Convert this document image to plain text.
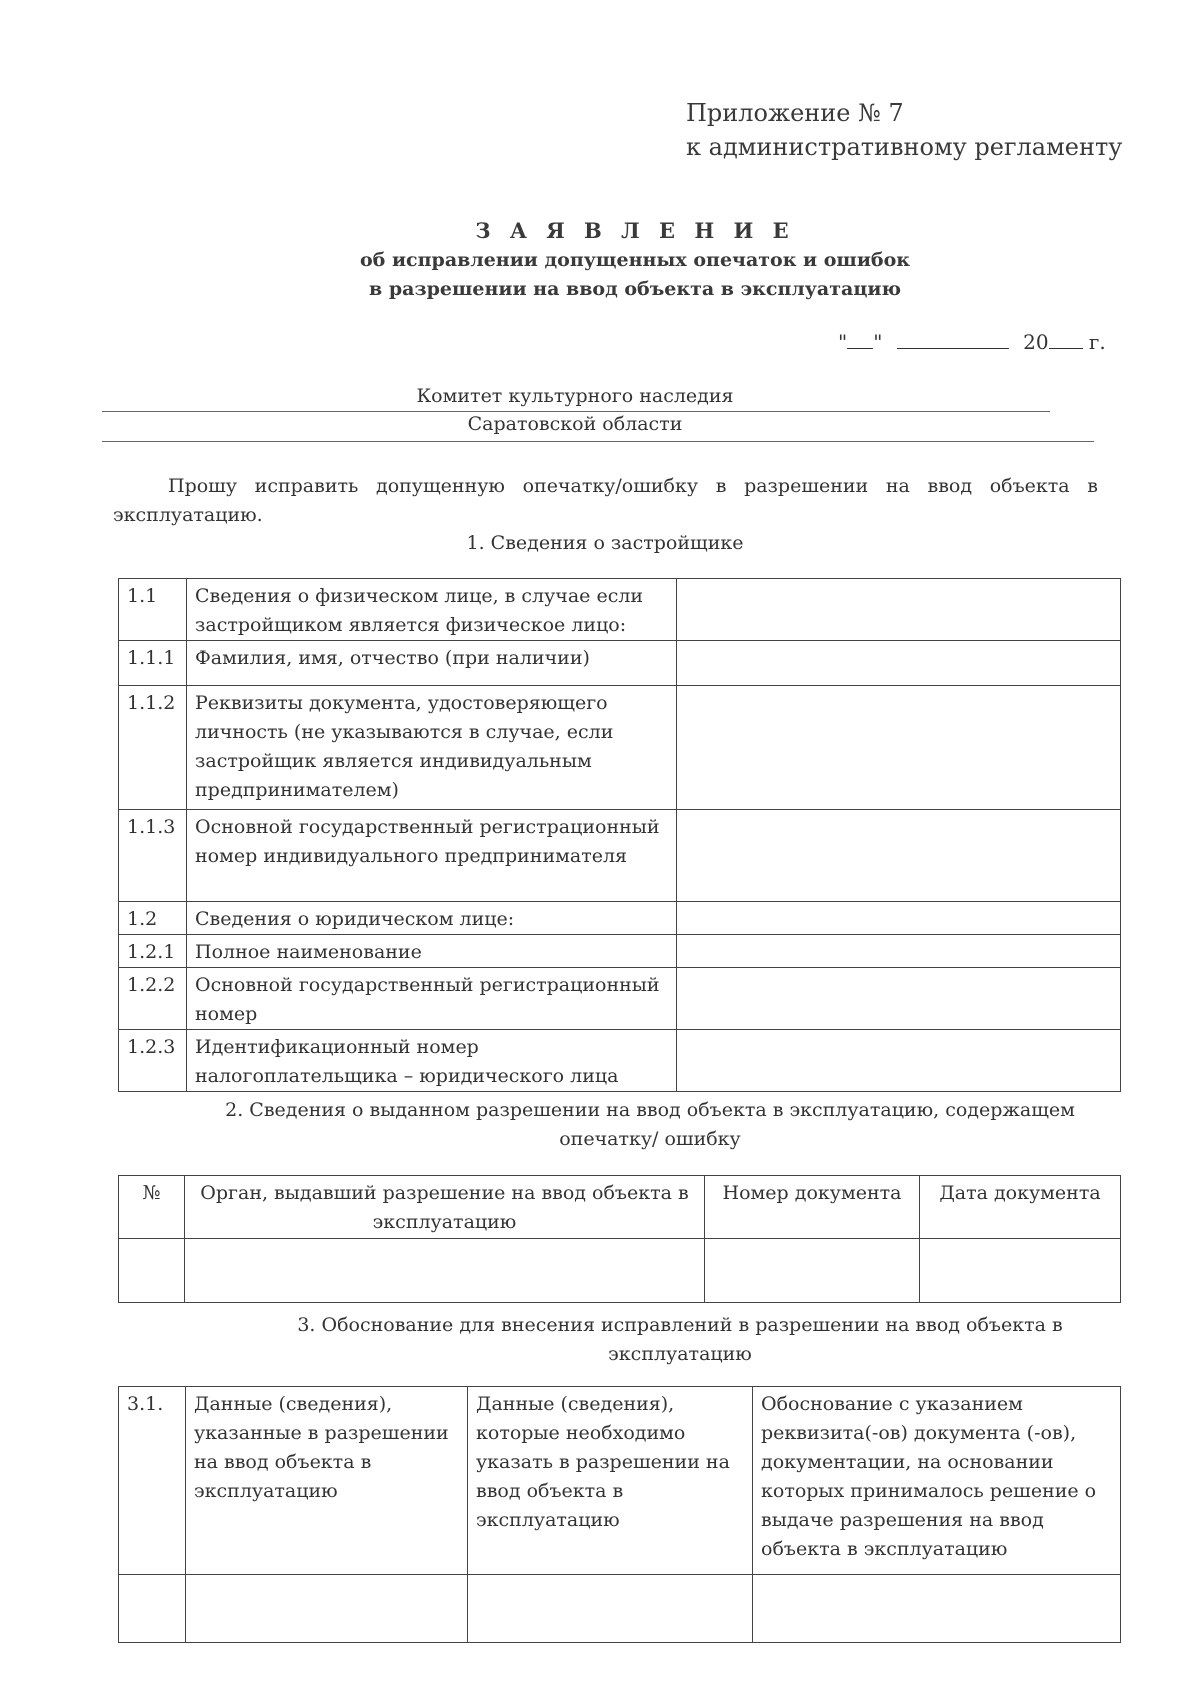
Приложение № 7
к административному регламенту
З А Я В Л Е Н И Е
об исправлении допущенных опечаток и ошибок
в разрешении на ввод объекта в эксплуатацию
" "	20 г.
Комитет культурного наследия
Саратовской области
Прошу исправить допущенную опечатку/ошибку в разрешении на ввод объекта в эксплуатацию.
1. Сведения о застройщике
1.1	Сведения о физическом лице, в случае если застройщиком является физическое лицо:	
1.1.1	Фамилия, имя, отчество (при наличии)	
1.1.2	Реквизиты документа, удостоверяющего личность (не указываются в случае, если застройщик является индивидуальным предпринимателем)	
1.1.3	Основной государственный регистрационный номер индивидуального предпринимателя	
1.2	Сведения о юридическом лице:	
1.2.1	Полное наименование	
1.2.2	Основной государственный регистрационный номер	
1.2.3	Идентификационный номер налогоплательщика – юридического лица	
2. Сведения о выданном разрешении на ввод объекта в эксплуатацию, содержащем опечатку/ ошибку
№	Орган, выдавший разрешение на ввод объекта в эксплуатацию	Номер документа	Дата документа

3. Обоснование для внесения исправлений в разрешении на ввод объекта в эксплуатацию
3.1.	Данные (сведения), указанные в разрешении на ввод объекта в эксплуатацию	Данные (сведения), которые необходимо указать в разрешении на ввод объекта в эксплуатацию	Обоснование с указанием реквизита(-ов) документа (-ов), документации, на основании которых принималось решение о выдаче разрешения на ввод объекта в эксплуатацию
